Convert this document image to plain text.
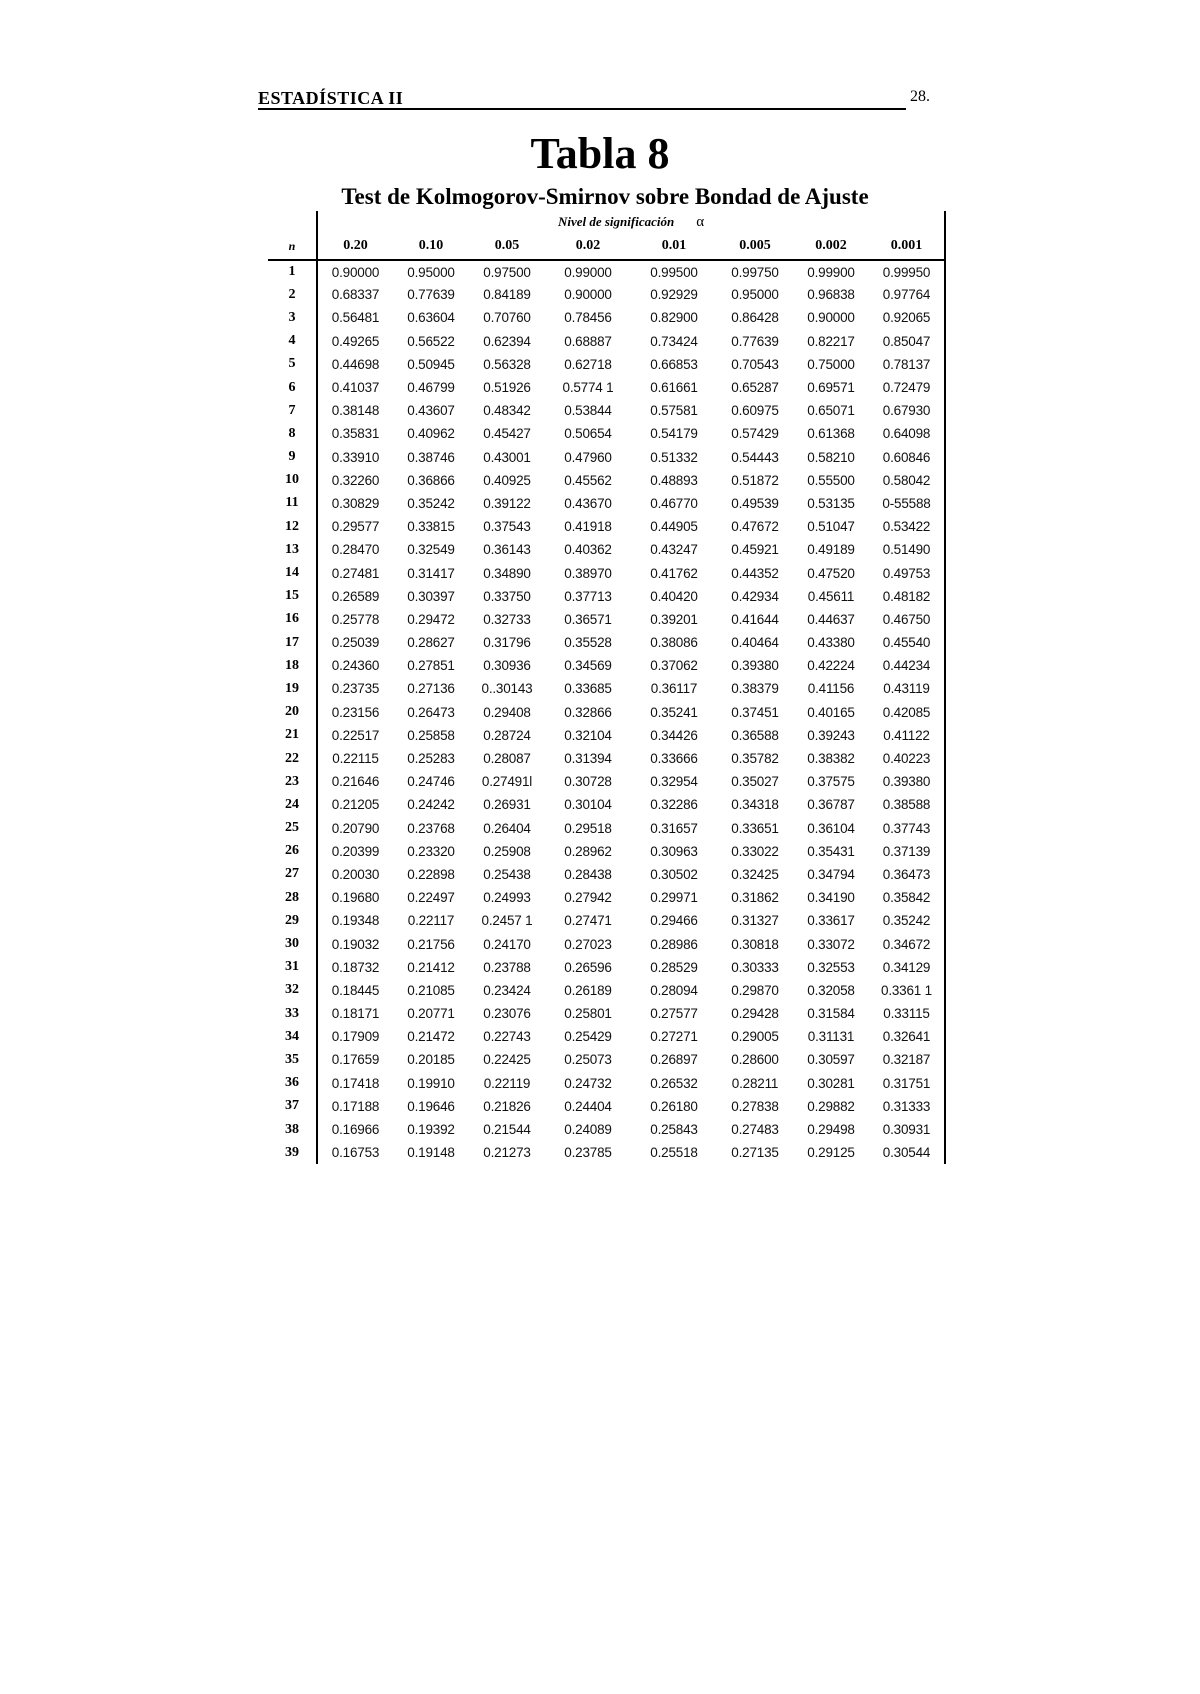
ESTADÍSTICA II	28.
Tabla 8
Test de Kolmogorov-Smirnov sobre Bondad de Ajuste
	Nivel de significación α							
n	0.20	0.10	0.05	0.02	0.01	0.005	0.002	0.001
1	0.90000	0.95000	0.97500	0.99000	0.99500	0.99750	0.99900	0.99950
2	0.68337	0.77639	0.84189	0.90000	0.92929	0.95000	0.96838	0.97764
3	0.56481	0.63604	0.70760	0.78456	0.82900	0.86428	0.90000	0.92065
4	0.49265	0.56522	0.62394	0.68887	0.73424	0.77639	0.82217	0.85047
5	0.44698	0.50945	0.56328	0.62718	0.66853	0.70543	0.75000	0.78137
6	0.41037	0.46799	0.51926	0.5774 1	0.61661	0.65287	0.69571	0.72479
7	0.38148	0.43607	0.48342	0.53844	0.57581	0.60975	0.65071	0.67930
8	0.35831	0.40962	0.45427	0.50654	0.54179	0.57429	0.61368	0.64098
9	0.33910	0.38746	0.43001	0.47960	0.51332	0.54443	0.58210	0.60846
10	0.32260	0.36866	0.40925	0.45562	0.48893	0.51872	0.55500	0.58042
11	0.30829	0.35242	0.39122	0.43670	0.46770	0.49539	0.53135	0-55588
12	0.29577	0.33815	0.37543	0.41918	0.44905	0.47672	0.51047	0.53422
13	0.28470	0.32549	0.36143	0.40362	0.43247	0.45921	0.49189	0.51490
14	0.27481	0.31417	0.34890	0.38970	0.41762	0.44352	0.47520	0.49753
15	0.26589	0.30397	0.33750	0.37713	0.40420	0.42934	0.45611	0.48182
16	0.25778	0.29472	0.32733	0.36571	0.39201	0.41644	0.44637	0.46750
17	0.25039	0.28627	0.31796	0.35528	0.38086	0.40464	0.43380	0.45540
18	0.24360	0.27851	0.30936	0.34569	0.37062	0.39380	0.42224	0.44234
19	0.23735	0.27136	0..30143	0.33685	0.36117	0.38379	0.41156	0.43119
20	0.23156	0.26473	0.29408	0.32866	0.35241	0.37451	0.40165	0.42085
21	0.22517	0.25858	0.28724	0.32104	0.34426	0.36588	0.39243	0.41122
22	0.22115	0.25283	0.28087	0.31394	0.33666	0.35782	0.38382	0.40223
23	0.21646	0.24746	0.27491l	0.30728	0.32954	0.35027	0.37575	0.39380
24	0.21205	0.24242	0.26931	0.30104	0.32286	0.34318	0.36787	0.38588
25	0.20790	0.23768	0.26404	0.29518	0.31657	0.33651	0.36104	0.37743
26	0.20399	0.23320	0.25908	0.28962	0.30963	0.33022	0.35431	0.37139
27	0.20030	0.22898	0.25438	0.28438	0.30502	0.32425	0.34794	0.36473
28	0.19680	0.22497	0.24993	0.27942	0.29971	0.31862	0.34190	0.35842
29	0.19348	0.22117	0.2457 1	0.27471	0.29466	0.31327	0.33617	0.35242
30	0.19032	0.21756	0.24170	0.27023	0.28986	0.30818	0.33072	0.34672
31	0.18732	0.21412	0.23788	0.26596	0.28529	0.30333	0.32553	0.34129
32	0.18445	0.21085	0.23424	0.26189	0.28094	0.29870	0.32058	0.3361 1
33	0.18171	0.20771	0.23076	0.25801	0.27577	0.29428	0.31584	0.33115
34	0.17909	0.21472	0.22743	0.25429	0.27271	0.29005	0.31131	0.32641
35	0.17659	0.20185	0.22425	0.25073	0.26897	0.28600	0.30597	0.32187
36	0.17418	0.19910	0.22119	0.24732	0.26532	0.28211	0.30281	0.31751
37	0.17188	0.19646	0.21826	0.24404	0.26180	0.27838	0.29882	0.31333
38	0.16966	0.19392	0.21544	0.24089	0.25843	0.27483	0.29498	0.30931
39	0.16753	0.19148	0.21273	0.23785	0.25518	0.27135	0.29125	0.30544
